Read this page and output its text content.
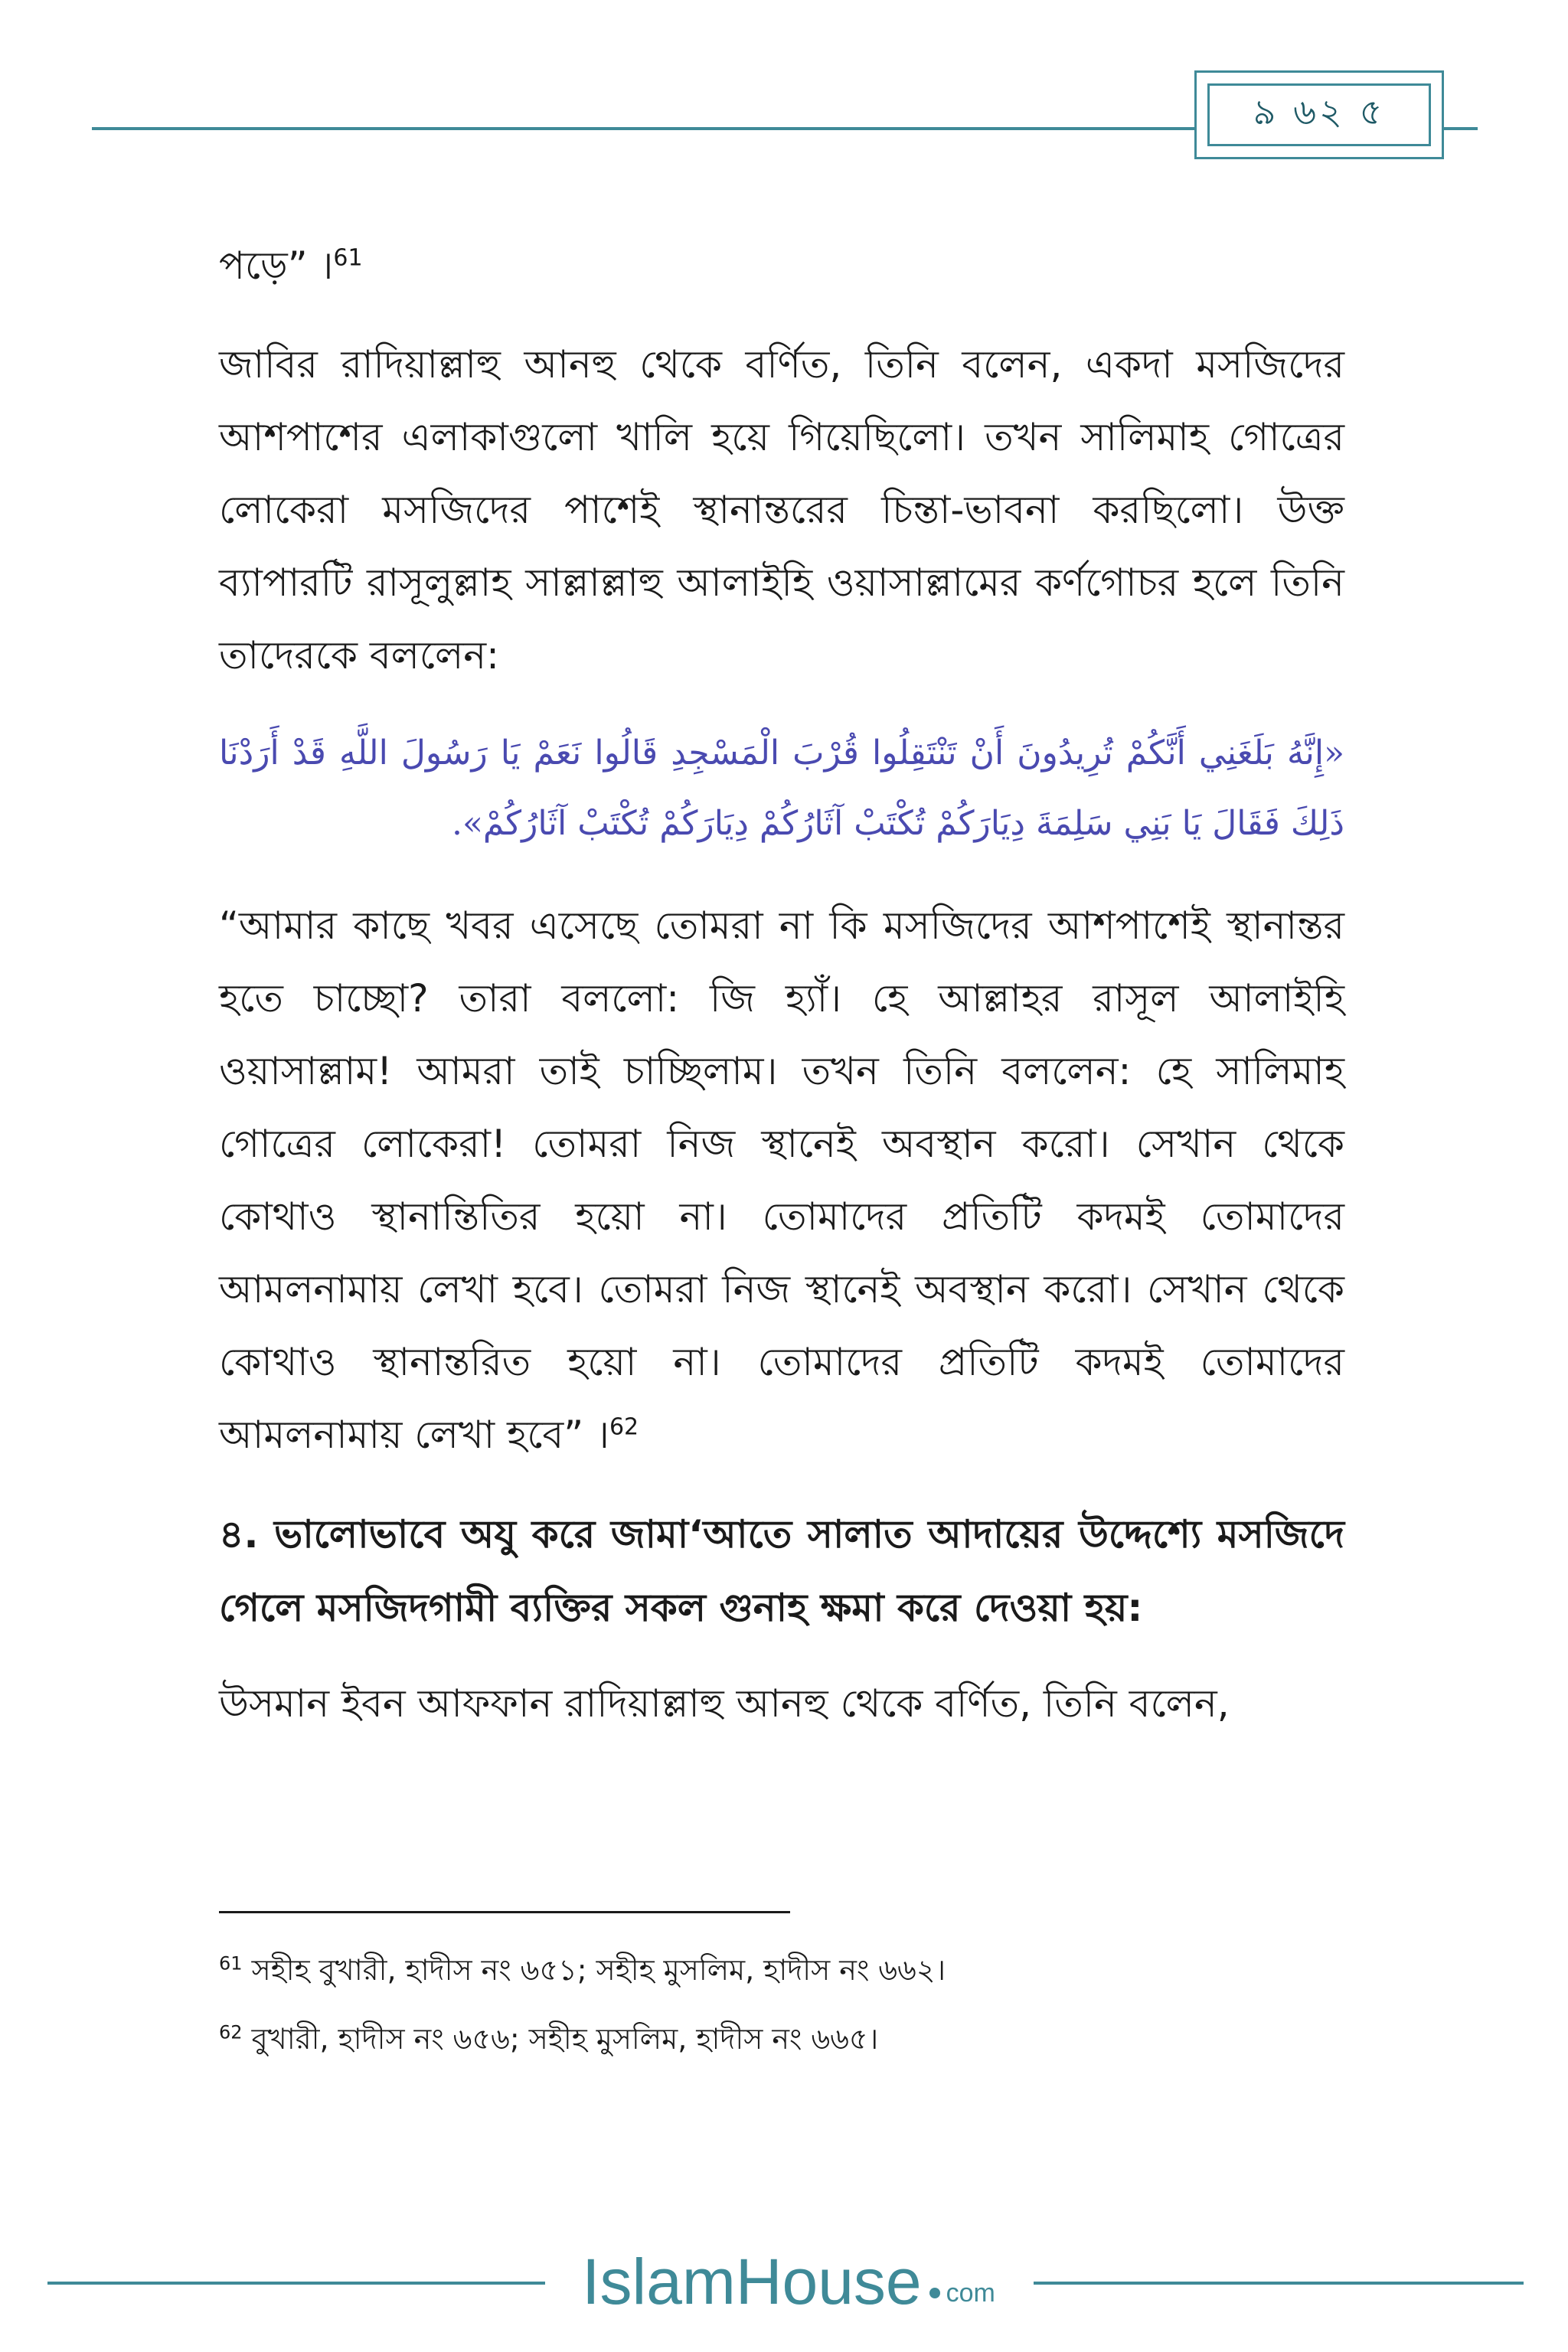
৯ ৬২ ৫

পড়ে” ।$^{61}$

জাবির রাদিয়াল্লাহু আনহু থেকে বর্ণিত, তিনি বলেন, একদা মসজিদের আশপাশের এলাকাগুলো খালি হয়ে গিয়েছিলো। তখন সালিমাহ গোত্রের লোকেরা মসজিদের পাশেই স্থানান্তরের চিন্তা-ভাবনা করছিলো। উক্ত ব্যাপারটি রাসূলুল্লাহ সাল্লাল্লাহু আলাইহি ওয়াসাল্লামের কর্ণগোচর হলে তিনি তাদেরকে বললেন:

«إِنَّهُ بَلَغَنِي أَنَّكُمْ تُرِيدُونَ أَنْ تَنْتَقِلُوا قُرْبَ الْمَسْجِدِ قَالُوا نَعَمْ يَا رَسُولَ اللَّهِ قَدْ أَرَدْنَا ذَلِكَ فَقَالَ يَا بَنِي سَلِمَةَ دِيَارَكُمْ تُكْتَبْ آثَارُكُمْ دِيَارَكُمْ تُكْتَبْ آثَارُكُمْ».

“আমার কাছে খবর এসেছে তোমরা না কি মসজিদের আশপাশেই স্থানান্তর হতে চাচ্ছো? তারা বললো: জি হ্যাঁ। হে আল্লাহর রাসূল আলাইহি ওয়াসাল্লাম! আমরা তাই চাচ্ছিলাম। তখন তিনি বললেন: হে সালিমাহ গোত্রের লোকেরা! তোমরা নিজ স্থানেই অবস্থান করো। সেখান থেকে কোথাও স্থানান্তিতির হয়ো না। তোমাদের প্রতিটি কদমই তোমাদের আমলনামায় লেখা হবে। তোমরা নিজ স্থানেই অবস্থান করো। সেখান থেকে কোথাও স্থানান্তরিত হয়ো না। তোমাদের প্রতিটি কদমই তোমাদের আমলনামায় লেখা হবে” ।$^{62}$

৪. ভালোভাবে অযু করে জামা‘আতে সালাত আদায়ের উদ্দেশ্যে মসজিদে গেলে মসজিদগামী ব্যক্তির সকল গুনাহ ক্ষমা করে দেওয়া হয়:

উসমান ইবন আফফান রাদিয়াল্লাহু আনহু থেকে বর্ণিত, তিনি বলেন,

$^{61}$ সহীহ বুখারী, হাদীস নং ৬৫১; সহীহ মুসলিম, হাদীস নং ৬৬২।

$^{62}$ বুখারী, হাদীস নং ৬৫৬; সহীহ মুসলিম, হাদীস নং ৬৬৫।

IslamHouse com
